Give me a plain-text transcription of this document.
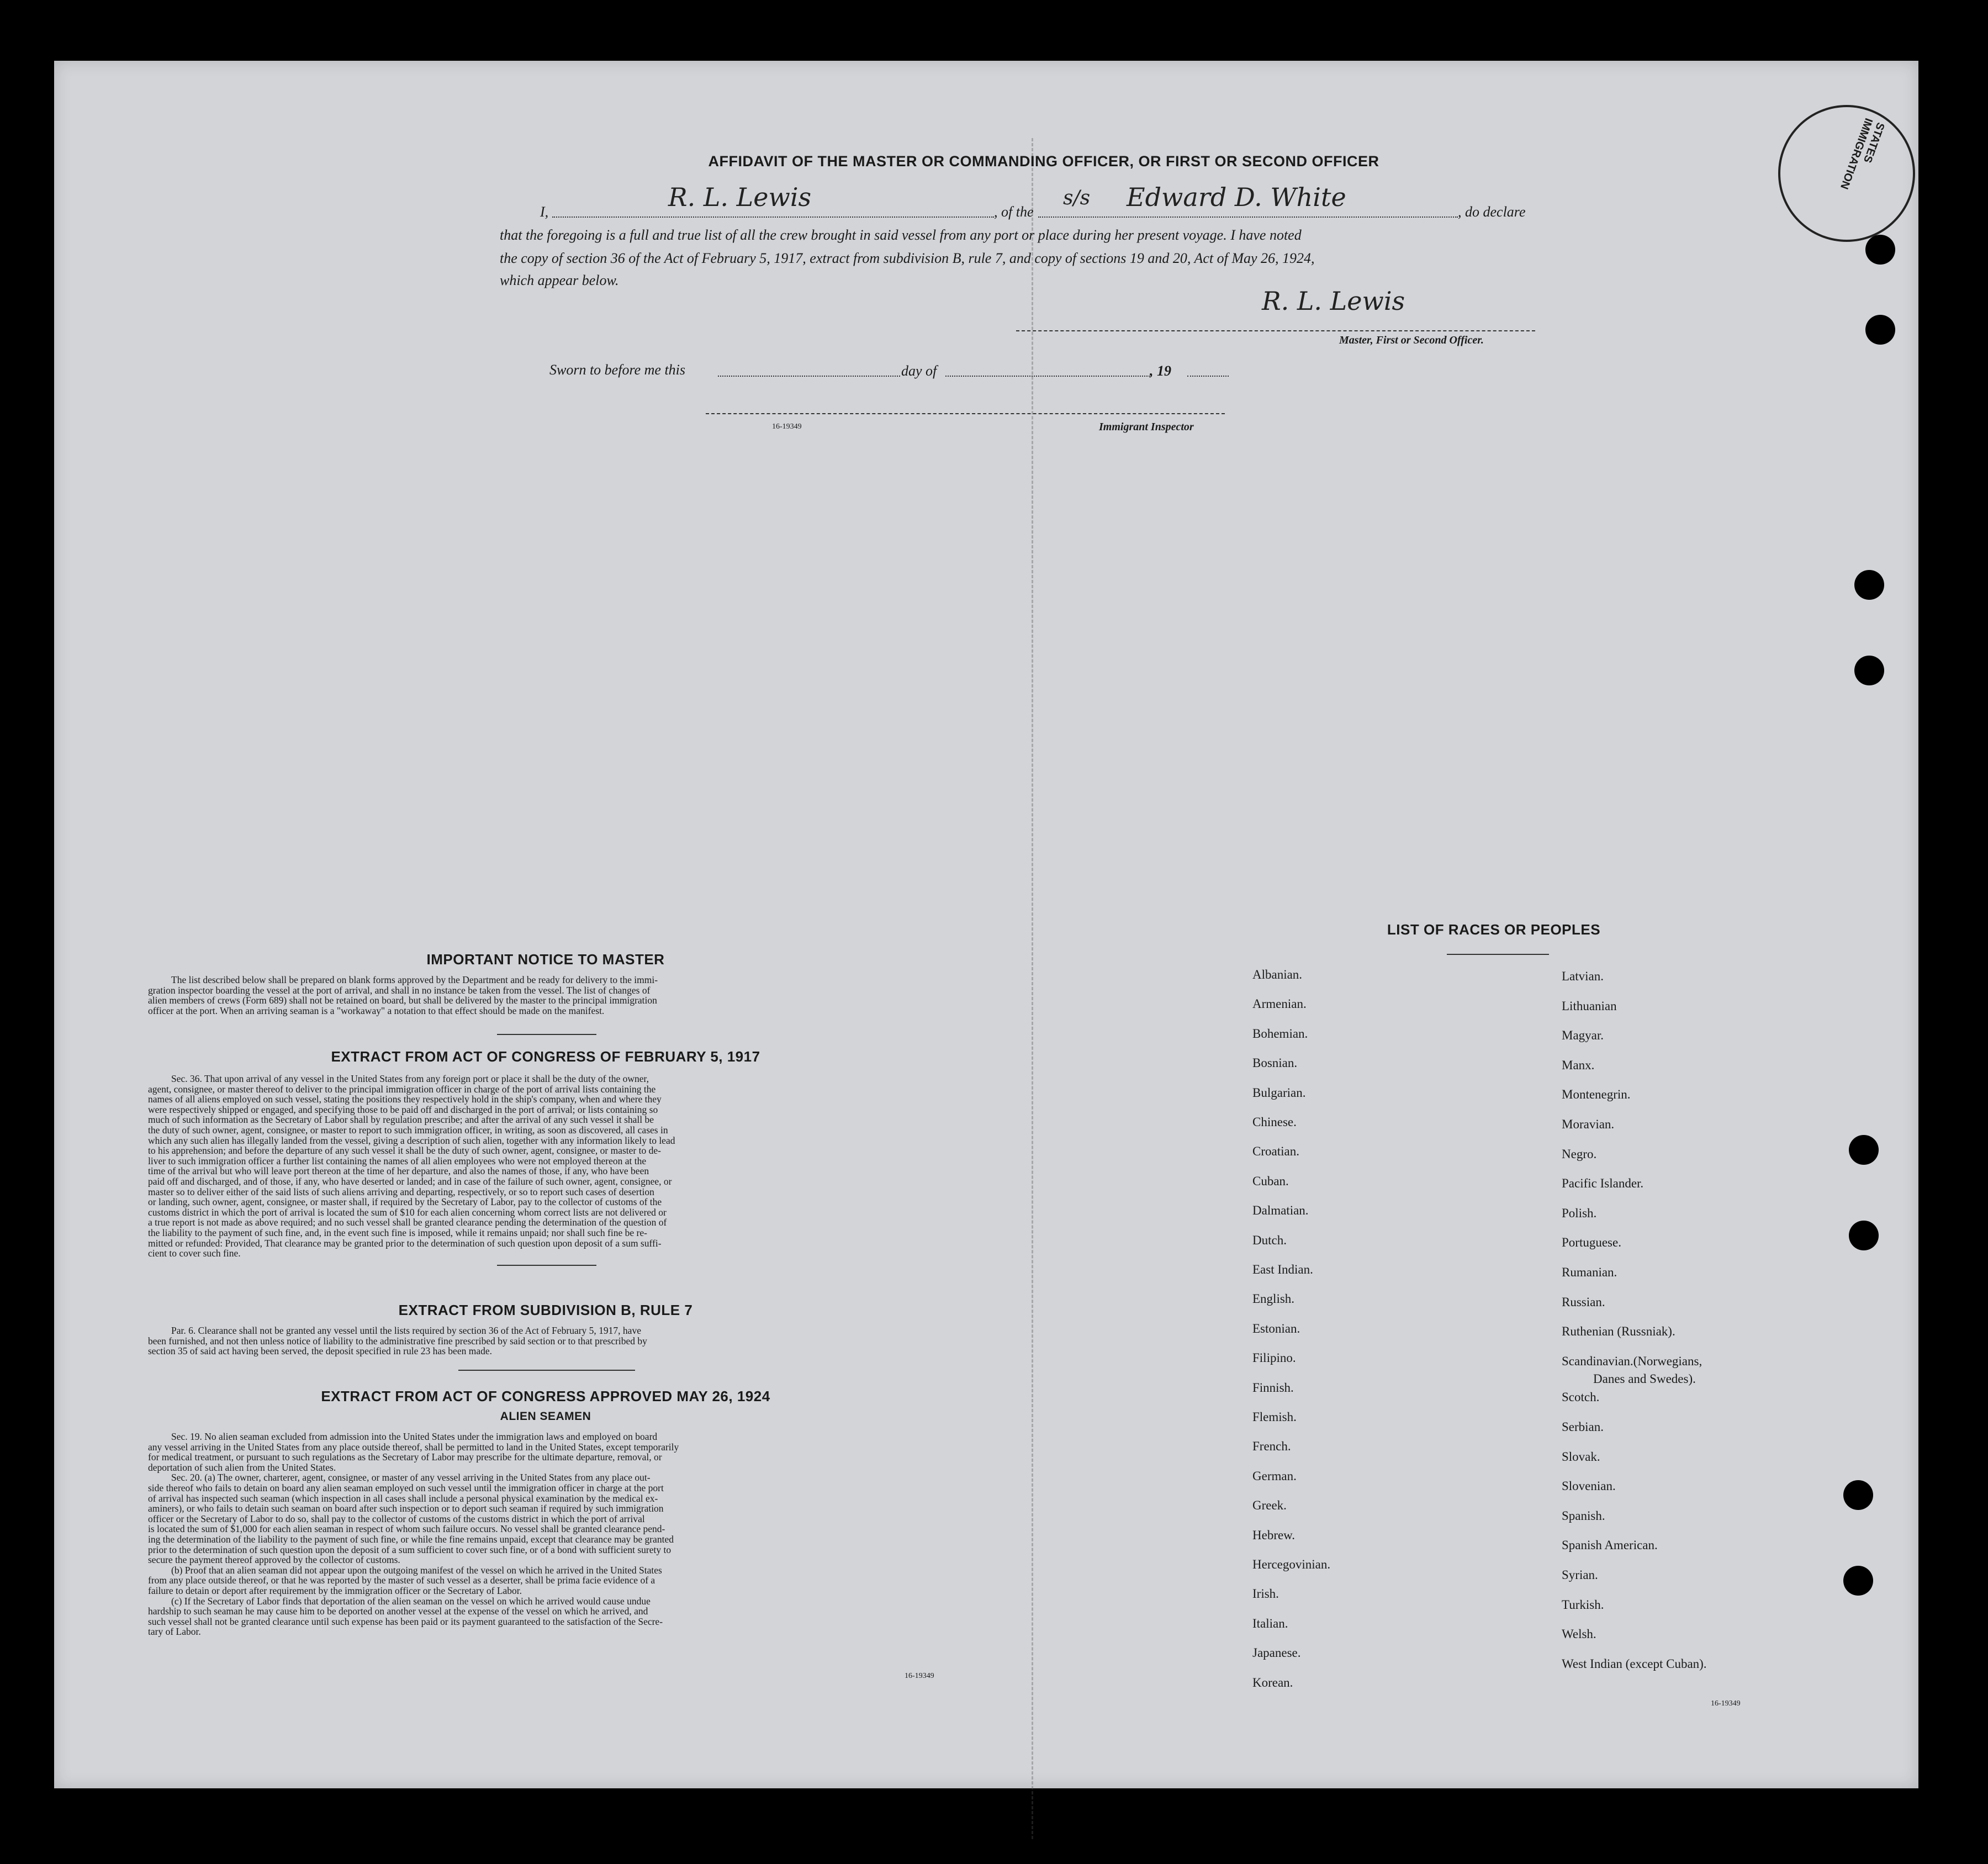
STATES IMMIGRATION
AFFIDAVIT OF THE MASTER OR COMMANDING OFFICER, OR FIRST OR SECOND OFFICER
I,	R. L. Lewis	, of the
s/s Edward D. White	, do declare
that the foregoing is a full and true list of all the crew brought in said vessel from any port or place during her present voyage. I have noted
the copy of section 36 of the Act of February 5, 1917, extract from subdivision B, rule 7, and copy of sections 19 and 20, Act of May 26, 1924,
which appear below.
R. L. Lewis
Master, First or Second Officer.
Sworn to before me this	day of	, 19
16-19349	Immigrant Inspector
IMPORTANT NOTICE TO MASTER
The list described below shall be prepared on blank forms approved by the Department and be ready for delivery to the immi-
gration inspector boarding the vessel at the port of arrival, and shall in no instance be taken from the vessel. The list of changes of
alien members of crews (Form 689) shall not be retained on board, but shall be delivered by the master to the principal immigration
officer at the port. When an arriving seaman is a "workaway" a notation to that effect should be made on the manifest.
EXTRACT FROM ACT OF CONGRESS OF FEBRUARY 5, 1917
Sec. 36. That upon arrival of any vessel in the United States from any foreign port or place it shall be the duty of the owner,
agent, consignee, or master thereof to deliver to the principal immigration officer in charge of the port of arrival lists containing the
names of all aliens employed on such vessel, stating the positions they respectively hold in the ship's company, when and where they
were respectively shipped or engaged, and specifying those to be paid off and discharged in the port of arrival; or lists containing so
much of such information as the Secretary of Labor shall by regulation prescribe; and after the arrival of any such vessel it shall be
the duty of such owner, agent, consignee, or master to report to such immigration officer, in writing, as soon as discovered, all cases in
which any such alien has illegally landed from the vessel, giving a description of such alien, together with any information likely to lead
to his apprehension; and before the departure of any such vessel it shall be the duty of such owner, agent, consignee, or master to de-
liver to such immigration officer a further list containing the names of all alien employees who were not employed thereon at the
time of the arrival but who will leave port thereon at the time of her departure, and also the names of those, if any, who have been
paid off and discharged, and of those, if any, who have deserted or landed; and in case of the failure of such owner, agent, consignee, or
master so to deliver either of the said lists of such aliens arriving and departing, respectively, or so to report such cases of desertion
or landing, such owner, agent, consignee, or master shall, if required by the Secretary of Labor, pay to the collector of customs of the
customs district in which the port of arrival is located the sum of $10 for each alien concerning whom correct lists are not delivered or
a true report is not made as above required; and no such vessel shall be granted clearance pending the determination of the question of
the liability to the payment of such fine, and, in the event such fine is imposed, while it remains unpaid; nor shall such fine be re-
mitted or refunded: Provided, That clearance may be granted prior to the determination of such question upon deposit of a sum suffi-
cient to cover such fine.
EXTRACT FROM SUBDIVISION B, RULE 7
Par. 6. Clearance shall not be granted any vessel until the lists required by section 36 of the Act of February 5, 1917, have
been furnished, and not then unless notice of liability to the administrative fine prescribed by said section or to that prescribed by
section 35 of said act having been served, the deposit specified in rule 23 has been made.
EXTRACT FROM ACT OF CONGRESS APPROVED MAY 26, 1924
ALIEN SEAMEN
Sec. 19. No alien seaman excluded from admission into the United States under the immigration laws and employed on board
any vessel arriving in the United States from any place outside thereof, shall be permitted to land in the United States, except temporarily
for medical treatment, or pursuant to such regulations as the Secretary of Labor may prescribe for the ultimate departure, removal, or
deportation of such alien from the United States.
Sec. 20. (a) The owner, charterer, agent, consignee, or master of any vessel arriving in the United States from any place out-
side thereof who fails to detain on board any alien seaman employed on such vessel until the immigration officer in charge at the port
of arrival has inspected such seaman (which inspection in all cases shall include a personal physical examination by the medical ex-
aminers), or who fails to detain such seaman on board after such inspection or to deport such seaman if required by such immigration
officer or the Secretary of Labor to do so, shall pay to the collector of customs of the customs district in which the port of arrival
is located the sum of $1,000 for each alien seaman in respect of whom such failure occurs. No vessel shall be granted clearance pend-
ing the determination of the liability to the payment of such fine, or while the fine remains unpaid, except that clearance may be granted
prior to the determination of such question upon the deposit of a sum sufficient to cover such fine, or of a bond with sufficient surety to
secure the payment thereof approved by the collector of customs.
(b) Proof that an alien seaman did not appear upon the outgoing manifest of the vessel on which he arrived in the United States
from any place outside thereof, or that he was reported by the master of such vessel as a deserter, shall be prima facie evidence of a
failure to detain or deport after requirement by the immigration officer or the Secretary of Labor.
(c) If the Secretary of Labor finds that deportation of the alien seaman on the vessel on which he arrived would cause undue
hardship to such seaman he may cause him to be deported on another vessel at the expense of the vessel on which he arrived, and
such vessel shall not be granted clearance until such expense has been paid or its payment guaranteed to the satisfaction of the Secre-
tary of Labor.
16-19349
LIST OF RACES OR PEOPLES
Albanian.
Armenian.
Bohemian.
Bosnian.
Bulgarian.
Chinese.
Croatian.
Cuban.
Dalmatian.
Dutch.
East Indian.
English.
Estonian.
Filipino.
Finnish.
Flemish.
French.
German.
Greek.
Hebrew.
Hercegovinian.
Irish.
Italian.
Japanese.
Korean.
Latvian.
Lithuanian
Magyar.
Manx.
Montenegrin.
Moravian.
Negro.
Pacific Islander.
Polish.
Portuguese.
Rumanian.
Russian.
Ruthenian (Russniak).
Scandinavian.(Norwegians,
Scotch.
Serbian.
Slovak.
Slovenian.
Spanish.
Spanish American.
Syrian.
Turkish.
Welsh.
West Indian (except Cuban).
Danes and Swedes).
16-19349
